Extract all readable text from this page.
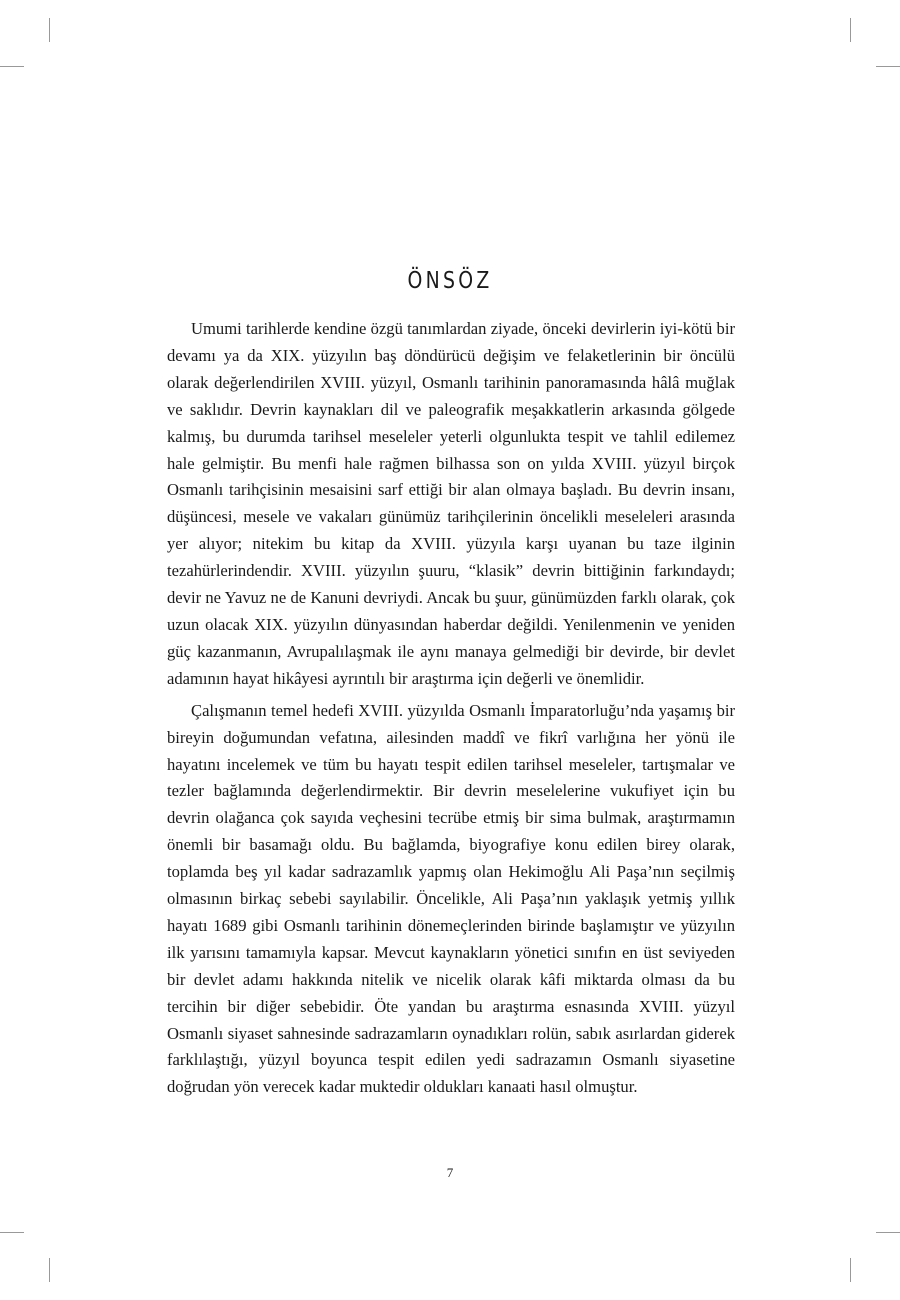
ÖNSÖZ

Umumi tarihlerde kendine özgü tanımlardan ziyade, önceki devirlerin iyi-kötü bir devamı ya da XIX. yüzyılın baş döndürücü değişim ve felaketlerinin bir öncülü olarak değerlendirilen XVIII. yüzyıl, Osmanlı tarihinin panoramasında hâlâ muğlak ve saklıdır. Devrin kaynakları dil ve paleografik meşakkatlerin arkasında gölgede kalmış, bu durumda tarihsel meseleler yeterli olgunlukta tespit ve tahlil edilemez hale gelmiştir. Bu menfi hale rağmen bilhassa son on yılda XVIII. yüzyıl birçok Osmanlı tarihçisinin mesaisini sarf ettiği bir alan olmaya başladı. Bu devrin insanı, düşüncesi, mesele ve vakaları günümüz tarihçilerinin öncelikli meseleleri arasında yer alıyor; nitekim bu kitap da XVIII. yüzyıla karşı uyanan bu taze ilginin tezahürlerindendir. XVIII. yüzyılın şuuru, “klasik” devrin bittiğinin farkındaydı; devir ne Yavuz ne de Kanuni devriydi. Ancak bu şuur, günümüzden farklı olarak, çok uzun olacak XIX. yüzyılın dünyasından haberdar değildi. Yenilenmenin ve yeniden güç kazanmanın, Avrupalılaşmak ile aynı manaya gelmediği bir devirde, bir devlet adamının hayat hikâyesi ayrıntılı bir araştırma için değerli ve önemlidir.

Çalışmanın temel hedefi XVIII. yüzyılda Osmanlı İmparatorluğu’nda yaşamış bir bireyin doğumundan vefatına, ailesinden maddî ve fikrî varlığına her yönü ile hayatını incelemek ve tüm bu hayatı tespit edilen tarihsel meseleler, tartışmalar ve tezler bağlamında değerlendirmektir. Bir devrin meselelerine vukufiyet için bu devrin olağanca çok sayıda veçhesini tecrübe etmiş bir sima bulmak, araştırmamın önemli bir basamağı oldu. Bu bağlamda, biyografiye konu edilen birey olarak, toplamda beş yıl kadar sadrazamlık yapmış olan Hekimoğlu Ali Paşa’nın seçilmiş olmasının birkaç sebebi sayılabilir. Öncelikle, Ali Paşa’nın yaklaşık yetmiş yıllık hayatı 1689 gibi Osmanlı tarihinin dönemeçlerinden birinde başlamıştır ve yüzyılın ilk yarısını tamamıyla kapsar. Mevcut kaynakların yönetici sınıfın en üst seviyeden bir devlet adamı hakkında nitelik ve nicelik olarak kâfi miktarda olması da bu tercihin bir diğer sebebidir. Öte yandan bu araştırma esnasında XVIII. yüzyıl Osmanlı siyaset sahnesinde sadrazamların oynadıkları rolün, sabık asırlardan giderek farklılaştığı, yüzyıl boyunca tespit edilen yedi sadrazamın Osmanlı siyasetine doğrudan yön verecek kadar muktedir oldukları kanaati hasıl olmuştur.

7
